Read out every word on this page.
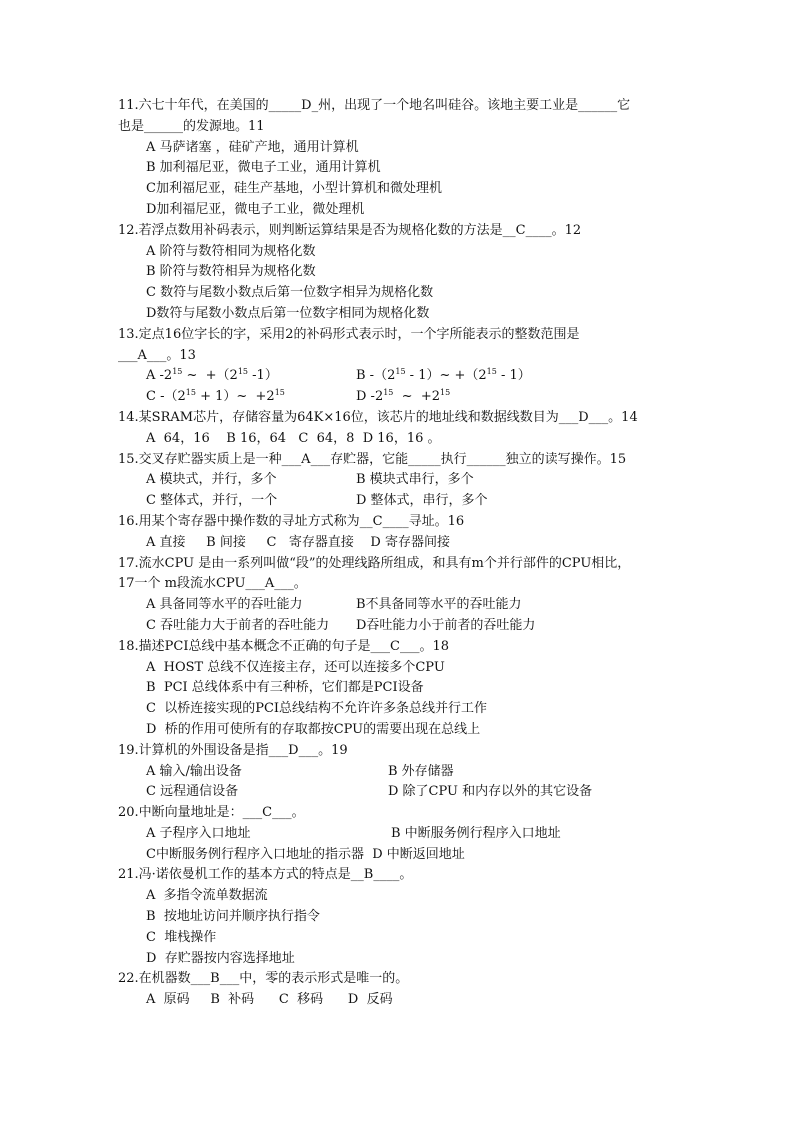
11.六七十年代，在美国的_____D_州，出现了一个地名叫硅谷。该地主要工业是______它
也是______的发源地。11
A 马萨诸塞 ，硅矿产地，通用计算机
B 加利福尼亚，微电子工业，通用计算机
C加利福尼亚，硅生产基地，小型计算机和微处理机
D加利福尼亚，微电子工业，微处理机
12.若浮点数用补码表示，则判断运算结果是否为规格化数的方法是__C____。12
A 阶符与数符相同为规格化数
B 阶符与数符相异为规格化数
C 数符与尾数小数点后第一位数字相异为规格化数
D数符与尾数小数点后第一位数字相同为规格化数
13.定点16位字长的字，采用2的补码形式表示时，一个字所能表示的整数范围是
___A___。13
A $-2^{15}$ ~  $+(2^{15}$ -1）	B $-(2^{15}$ - 1）~ $+(2^{15} - 1)$
C $-(2^{15}$ + 1）~  $+2^{15}$	D $-2^{15}$  ~  $+2^{15}$
14.某SRAM芯片，存储容量为64K×16位，该芯片的地址线和数据线数目为___D___。14
A  64，16    B 16，64   C  64，8  D 16，16 。
15.交叉存贮器实质上是一种___A___存贮器，它能_____执行______独立的读写操作。15
A 模块式，并行，多个	B 模块式串行，多个
C 整体式，并行，一个	D 整体式，串行，多个
16.用某个寄存器中操作数的寻址方式称为__C____寻址。16
A 直接     B 间接     C   寄存器直接    D 寄存器间接
17.流水CPU 是由一系列叫做“段”的处理线路所组成，和具有m个并行部件的CPU相比，
17一个 m段流水CPU___A___。
A 具备同等水平的吞吐能力	B不具备同等水平的吞吐能力
C 吞吐能力大于前者的吞吐能力	D吞吐能力小于前者的吞吐能力
18.描述PCI总线中基本概念不正确的句子是___C___。18
A  HOST 总线不仅连接主存，还可以连接多个CPU
B  PCI 总线体系中有三种桥，它们都是PCI设备
C  以桥连接实现的PCI总线结构不允许许多条总线并行工作
D  桥的作用可使所有的存取都按CPU的需要出现在总线上
19.计算机的外围设备是指___D___。19
A 输入/输出设备	B 外存储器
C 远程通信设备	D 除了CPU 和内存以外的其它设备
20.中断向量地址是：___C___。
A 子程序入口地址	B 中断服务例行程序入口地址
C中断服务例行程序入口地址的指示器
D 中断返回地址
21.冯·诺依曼机工作的基本方式的特点是__B____。
A  多指令流单数据流
B  按地址访问并顺序执行指令
C  堆栈操作
D  存贮器按内容选择地址
22.在机器数___B___中，零的表示形式是唯一的。
A  原码     B  补码      C  移码      D  反码
